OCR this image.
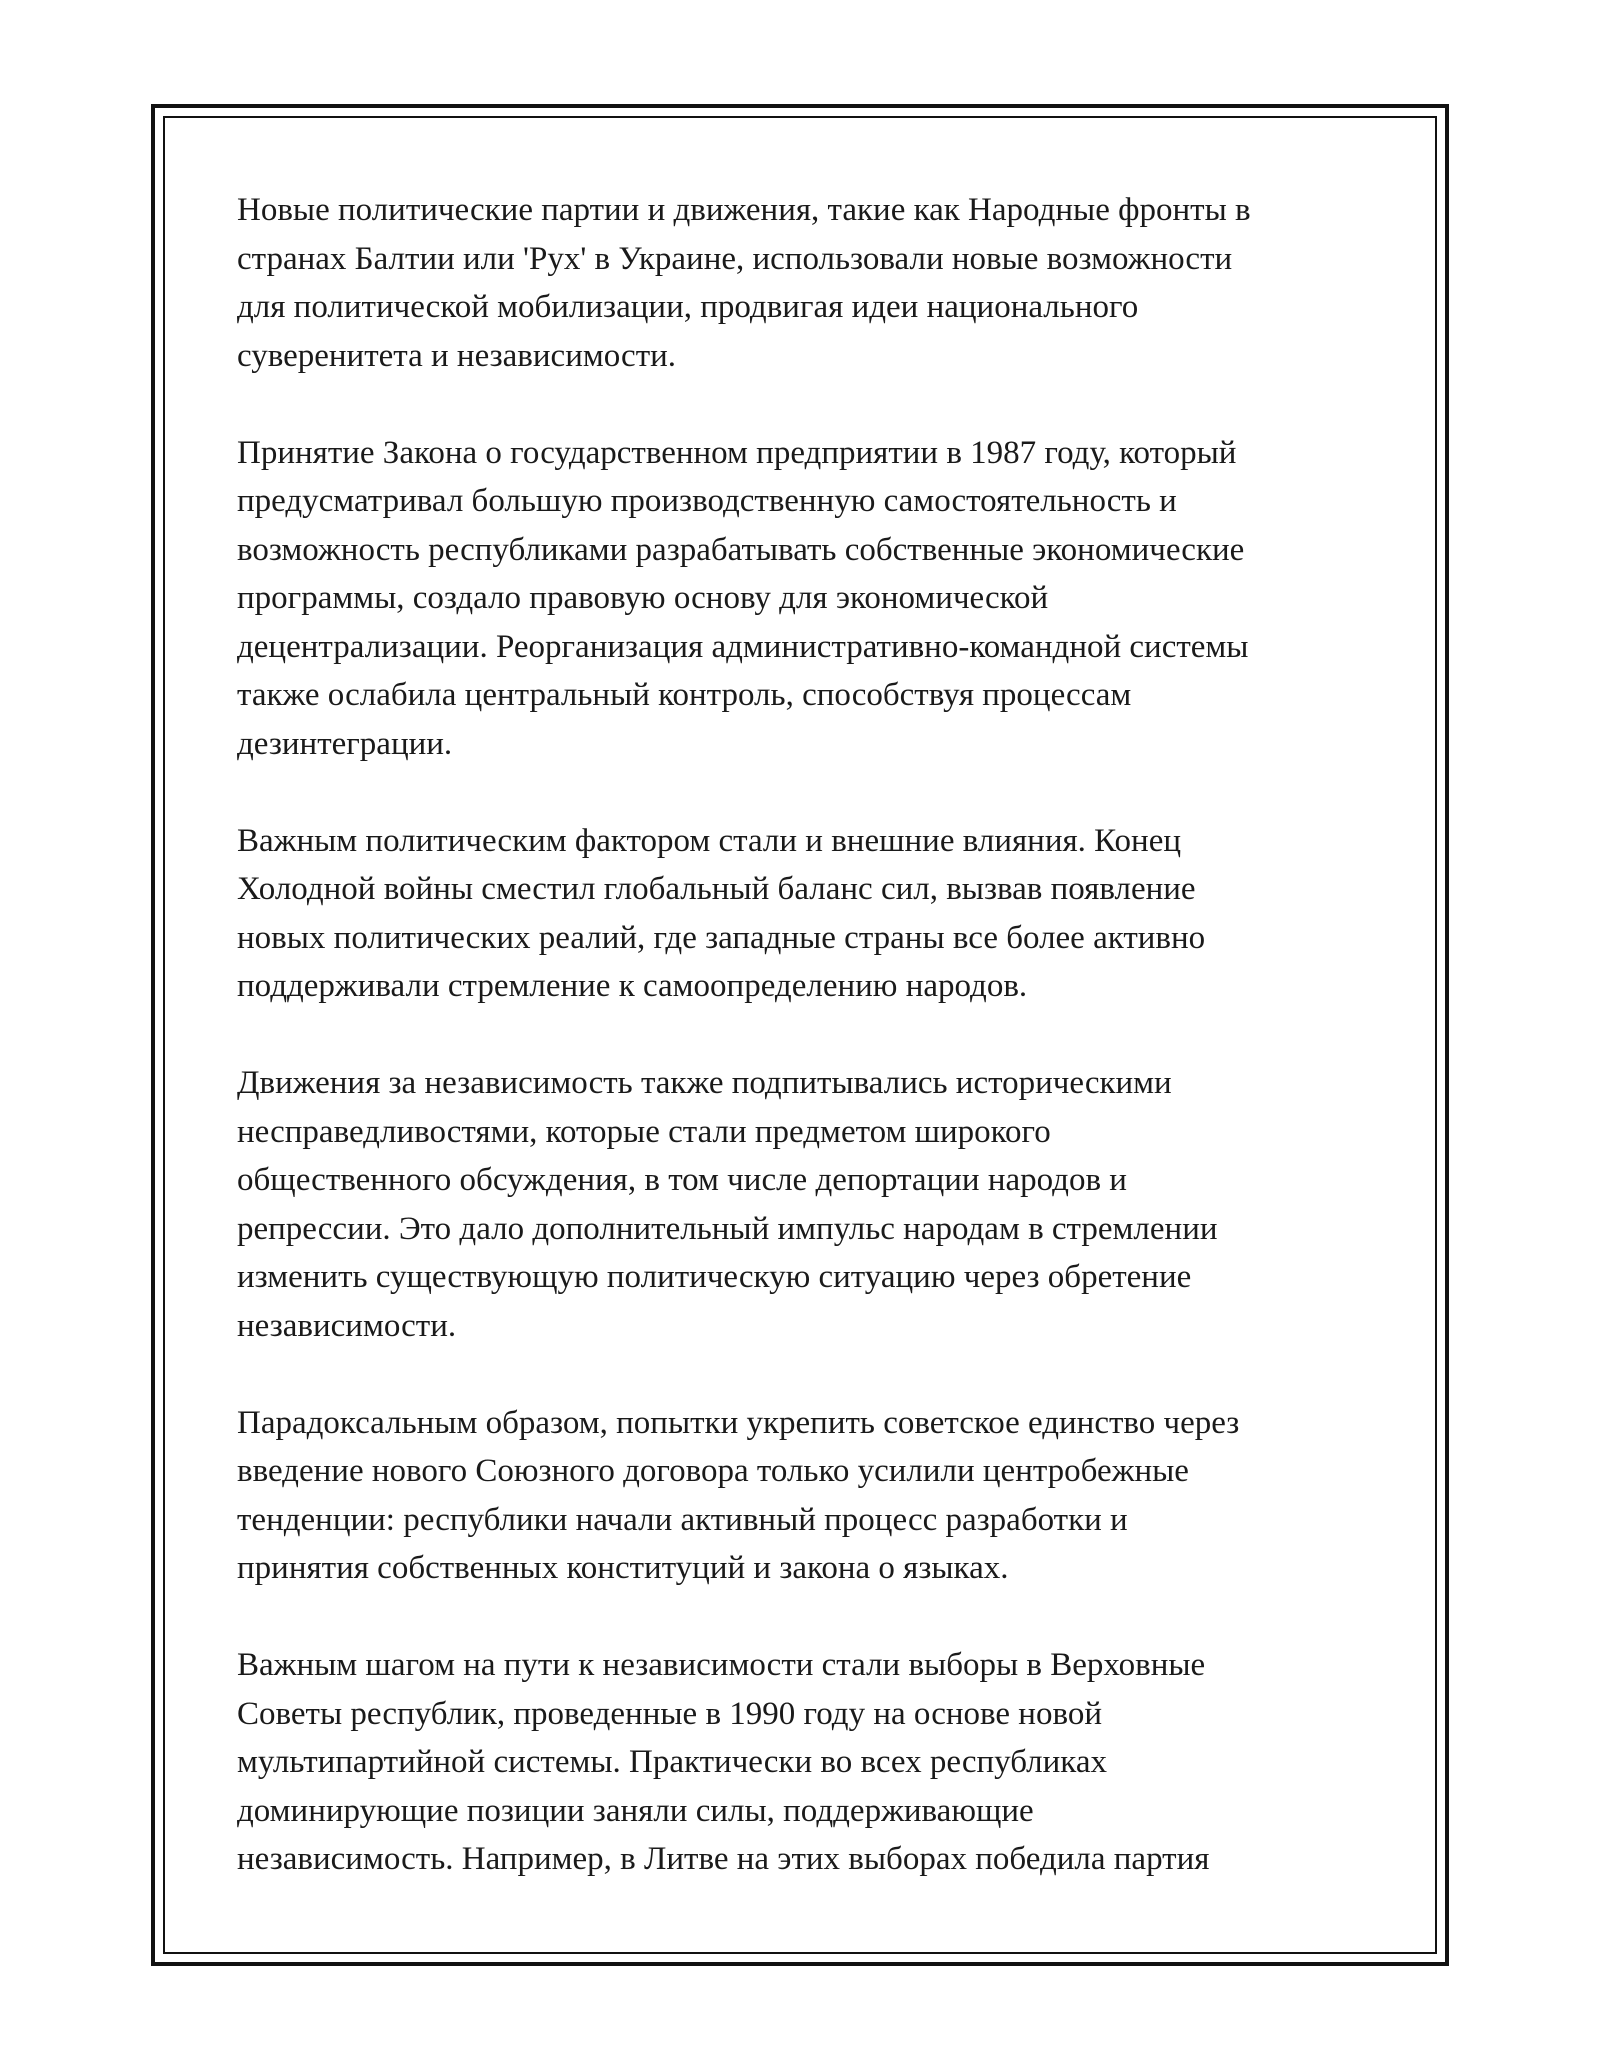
Новые политические партии и движения, такие как Народные фронты в
странах Балтии или 'Рух' в Украине, использовали новые возможности
для политической мобилизации, продвигая идеи национального
суверенитета и независимости.

Принятие Закона о государственном предприятии в 1987 году, который
предусматривал большую производственную самостоятельность и
возможность республиками разрабатывать собственные экономические
программы, создало правовую основу для экономической
децентрализации. Реорганизация административно-командной системы
также ослабила центральный контроль, способствуя процессам
дезинтеграции.

Важным политическим фактором стали и внешние влияния. Конец
Холодной войны сместил глобальный баланс сил, вызвав появление
новых политических реалий, где западные страны все более активно
поддерживали стремление к самоопределению народов.

Движения за независимость также подпитывались историческими
несправедливостями, которые стали предметом широкого
общественного обсуждения, в том числе депортации народов и
репрессии. Это дало дополнительный импульс народам в стремлении
изменить существующую политическую ситуацию через обретение
независимости.

Парадоксальным образом, попытки укрепить советское единство через
введение нового Союзного договора только усилили центробежные
тенденции: республики начали активный процесс разработки и
принятия собственных конституций и закона о языках.

Важным шагом на пути к независимости стали выборы в Верховные
Советы республик, проведенные в 1990 году на основе новой
мультипартийной системы. Практически во всех республиках
доминирующие позиции заняли силы, поддерживающие
независимость. Например, в Литве на этих выборах победила партия
